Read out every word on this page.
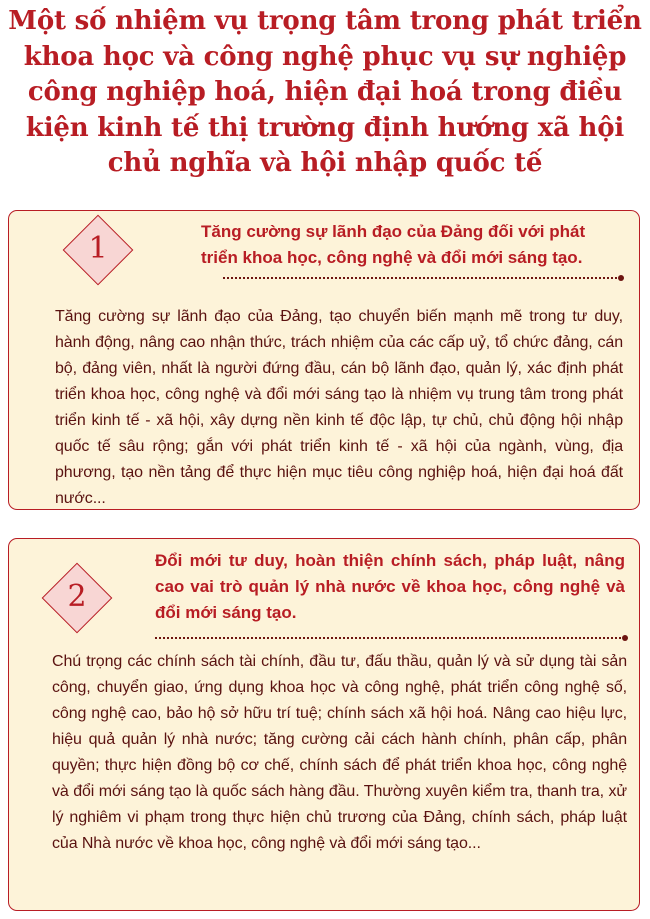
Một số nhiệm vụ trọng tâm trong phát triển khoa học và công nghệ phục vụ sự nghiệp công nghiệp hoá, hiện đại hoá trong điều kiện kinh tế thị trường định hướng xã hội chủ nghĩa và hội nhập quốc tế
1	Tăng cường sự lãnh đạo của Đảng đối với phát triển khoa học, công nghệ và đổi mới sáng tạo.
Tăng cường sự lãnh đạo của Đảng, tạo chuyển biến mạnh mẽ trong tư duy, hành động, nâng cao nhận thức, trách nhiệm của các cấp uỷ, tổ chức đảng, cán bộ, đảng viên, nhất là người đứng đầu, cán bộ lãnh đạo, quản lý, xác định phát triển khoa học, công nghệ và đổi mới sáng tạo là nhiệm vụ trung tâm trong phát triển kinh tế - xã hội, xây dựng nền kinh tế độc lập, tự chủ, chủ động hội nhập quốc tế sâu rộng; gắn với phát triển kinh tế - xã hội của ngành, vùng, địa phương, tạo nền tảng để thực hiện mục tiêu công nghiệp hoá, hiện đại hoá đất nước...
2
Đổi mới tư duy, hoàn thiện chính sách, pháp luật, nâng cao vai trò quản lý nhà nước về khoa học, công nghệ và đổi mới sáng tạo.
Chú trọng các chính sách tài chính, đầu tư, đấu thầu, quản lý và sử dụng tài sản công, chuyển giao, ứng dụng khoa học và công nghệ, phát triển công nghệ số, công nghệ cao, bảo hộ sở hữu trí tuệ; chính sách xã hội hoá. Nâng cao hiệu lực, hiệu quả quản lý nhà nước; tăng cường cải cách hành chính, phân cấp, phân quyền; thực hiện đồng bộ cơ chế, chính sách để phát triển khoa học, công nghệ và đổi mới sáng tạo là quốc sách hàng đầu. Thường xuyên kiểm tra, thanh tra, xử lý nghiêm vi phạm trong thực hiện chủ trương của Đảng, chính sách, pháp luật của Nhà nước về khoa học, công nghệ và đổi mới sáng tạo...
